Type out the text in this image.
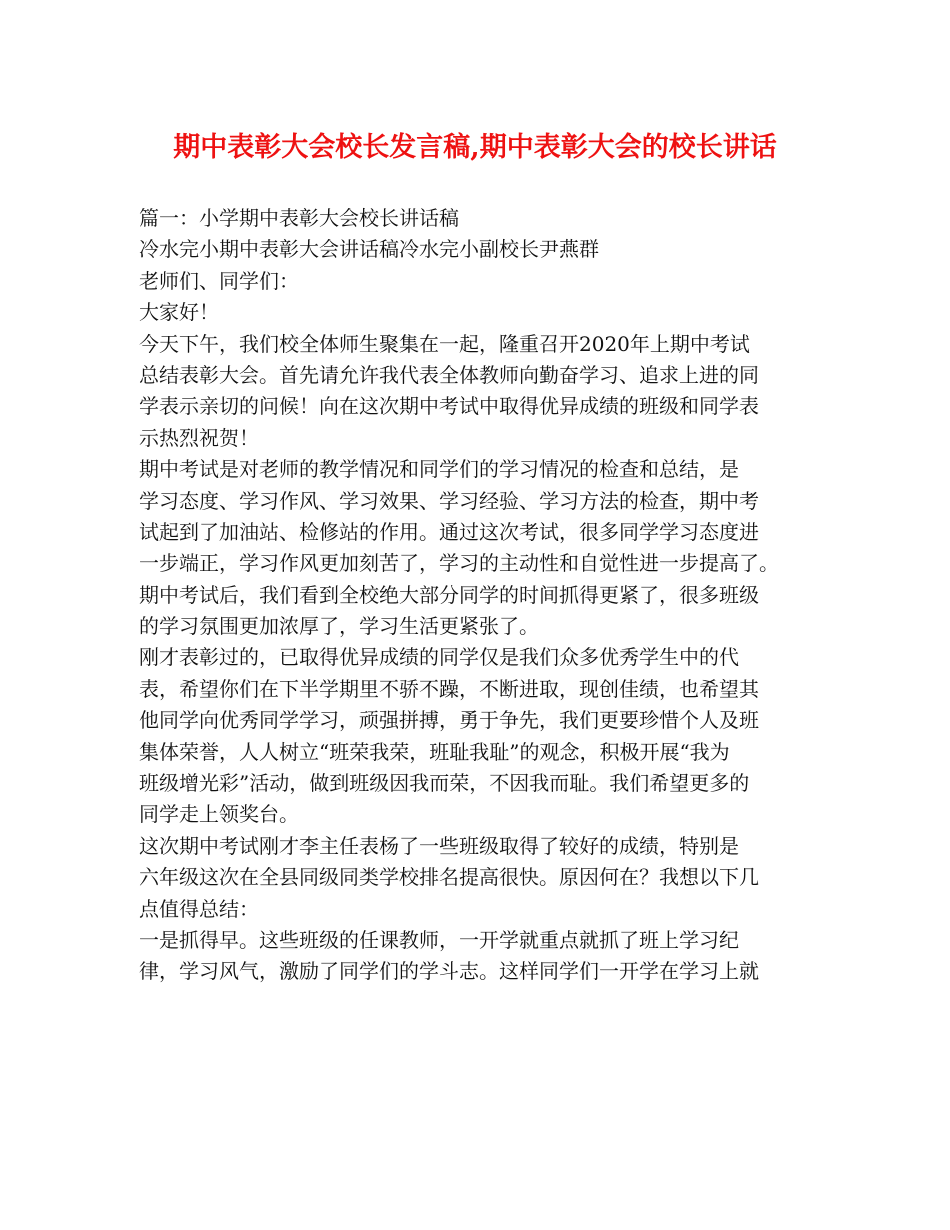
期中表彰大会校长发言稿,期中表彰大会的校长讲话
篇一：小学期中表彰大会校长讲话稿
冷水完小期中表彰大会讲话稿冷水完小副校长尹燕群
老师们、同学们：
大家好！
今天下午，我们校全体师生聚集在一起，隆重召开2020年上期中考试
总结表彰大会。首先请允许我代表全体教师向勤奋学习、追求上进的同
学表示亲切的问候！向在这次期中考试中取得优异成绩的班级和同学表
示热烈祝贺！
期中考试是对老师的教学情况和同学们的学习情况的检查和总结，是
学习态度、学习作风、学习效果、学习经验、学习方法的检查，期中考
试起到了加油站、检修站的作用。通过这次考试，很多同学学习态度进
一步端正，学习作风更加刻苦了，学习的主动性和自觉性进一步提高了。
期中考试后，我们看到全校绝大部分同学的时间抓得更紧了，很多班级
的学习氛围更加浓厚了，学习生活更紧张了。
刚才表彰过的，已取得优异成绩的同学仅是我们众多优秀学生中的代
表，希望你们在下半学期里不骄不躁，不断进取，现创佳绩，也希望其
他同学向优秀同学学习，顽强拼搏，勇于争先，我们更要珍惜个人及班
集体荣誉，人人树立“班荣我荣，班耻我耻”的观念，积极开展“我为
班级增光彩”活动，做到班级因我而荣，不因我而耻。我们希望更多的
同学走上领奖台。
这次期中考试刚才李主任表杨了一些班级取得了较好的成绩，特别是
六年级这次在全县同级同类学校排名提高很快。原因何在？我想以下几
点值得总结：
一是抓得早。这些班级的任课教师，一开学就重点就抓了班上学习纪
律，学习风气，激励了同学们的学斗志。这样同学们一开学在学习上就
